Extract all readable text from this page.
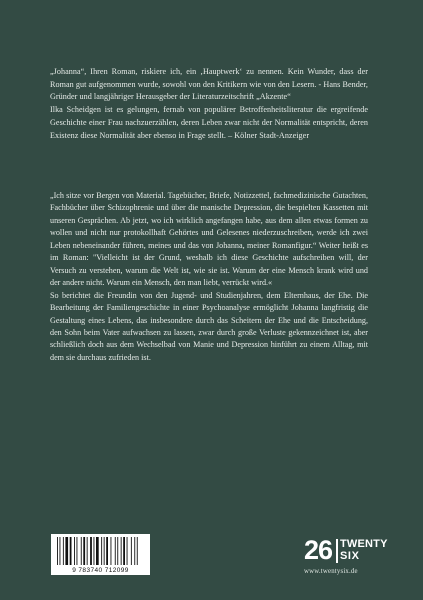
„Johanna“, Ihren Roman, riskiere ich, ein ‚Hauptwerk‘ zu nennen. Kein Wunder, dass der Roman gut aufgenommen wurde, sowohl von den Kritikern wie von den Lesern. - Hans Bender, Gründer und langjähriger Herausgeber der Literaturzeitschrift „Akzente“

Ilka Scheidgen ist es gelungen, fernab von populärer Betroffenheitsliteratur die ergreifende Geschichte einer Frau nachzuerzählen, deren Leben zwar nicht der Normalität entspricht, deren Existenz diese Normalität aber ebenso in Frage stellt. – Kölner Stadt-Anzeiger

„Ich sitze vor Bergen von Material. Tagebücher, Briefe, Notizzettel, fachmedizinische Gutachten, Fachbücher über Schizophrenie und über die manische Depression, die bespielten Kassetten mit unseren Gesprächen. Ab jetzt, wo ich wirklich angefangen habe, aus dem allen etwas formen zu wollen und nicht nur protokollhaft Gehörtes und Gelesenes niederzuschreiben, werde ich zwei Leben nebeneinander führen, meines und das von Johanna, meiner Romanfigur.“ Weiter heißt es im Roman: "Vielleicht ist der Grund, weshalb ich diese Geschichte aufschreiben will, der Versuch zu verstehen, warum die Welt ist, wie sie ist. Warum der eine Mensch krank wird und der andere nicht. Warum ein Mensch, den man liebt, verrückt wird.«

So berichtet die Freundin von den Jugend- und Studienjahren, dem Elternhaus, der Ehe. Die Bearbeitung der Familiengeschichte in einer Psychoanalyse ermöglicht Johanna langfristig die Gestaltung eines Lebens, das insbesondere durch das Scheitern der Ehe und die Entscheidung, den Sohn beim Vater aufwachsen zu lassen, zwar durch große Verluste gekennzeichnet ist, aber schließlich doch aus dem Wechselbad von Manie und Depression hinführt zu einem Alltag, mit dem sie durchaus zufrieden ist.

9 783740 712099
26 TWENTY
SIX
www.twentysix.de
